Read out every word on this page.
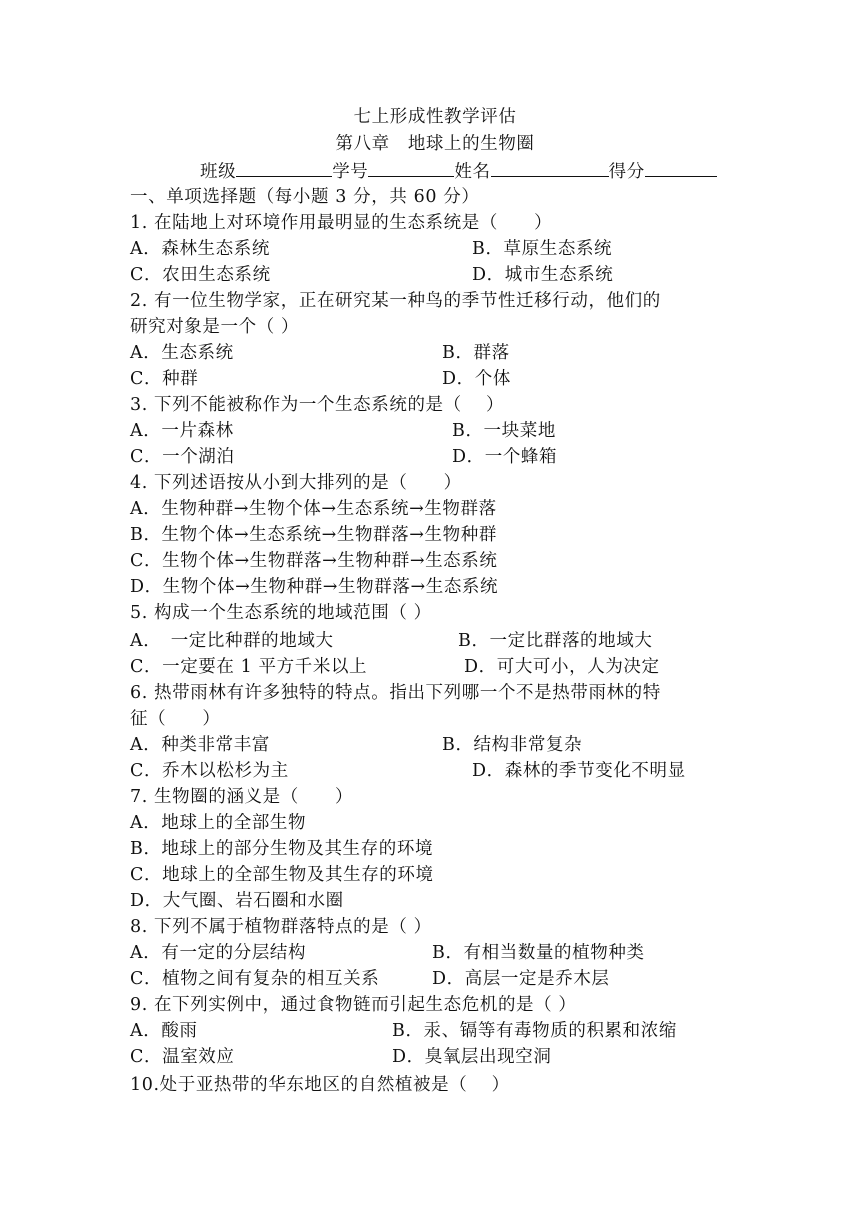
七上形成性教学评估
第八章　地球上的生物圈
班级	学号	姓名	得分
一、单项选择题（每小题 3 分，共 60 分）
1. 在陆地上对环境作用最明显的生态系统是（　　）
A．森林生态系统	B．草原生态系统
C．农田生态系统	D．城市生态系统
2. 有一位生物学家，正在研究某一种鸟的季节性迁移行动，他们的
研究对象是一个（ ）
A．生态系统	B．群落
C．种群	D．个体
3. 下列不能被称作为一个生态系统的是（　 ）
A．一片森林	B．一块菜地
C．一个湖泊	D．一个蜂箱
4. 下列述语按从小到大排列的是（　　）
A．生物种群→生物个体→生态系统→生物群落
B．生物个体→生态系统→生物群落→生物种群
C．生物个体→生物群落→生物种群→生态系统
D．生物个体→生物种群→生物群落→生态系统
5. 构成一个生态系统的地域范围（ ）
A．　一定比种群的地域大	B．一定比群落的地域大
C．一定要在 1 平方千米以上	D．可大可小，人为决定
6. 热带雨林有许多独特的特点。指出下列哪一个不是热带雨林的特
征（　　）
A．种类非常丰富	B．结构非常复杂
C．乔木以松杉为主	D．森林的季节变化不明显
7. 生物圈的涵义是（　　）
A．地球上的全部生物
B．地球上的部分生物及其生存的环境
C．地球上的全部生物及其生存的环境
D．大气圈、岩石圈和水圈
8. 下列不属于植物群落特点的是（ ）
A．有一定的分层结构	B．有相当数量的植物种类
C．植物之间有复杂的相互关系	D．高层一定是乔木层
9. 在下列实例中，通过食物链而引起生态危机的是（ ）
A．酸雨	B．汞、镉等有毒物质的积累和浓缩
C．温室效应	D．臭氧层出现空洞
10.处于亚热带的华东地区的自然植被是（　 ）
